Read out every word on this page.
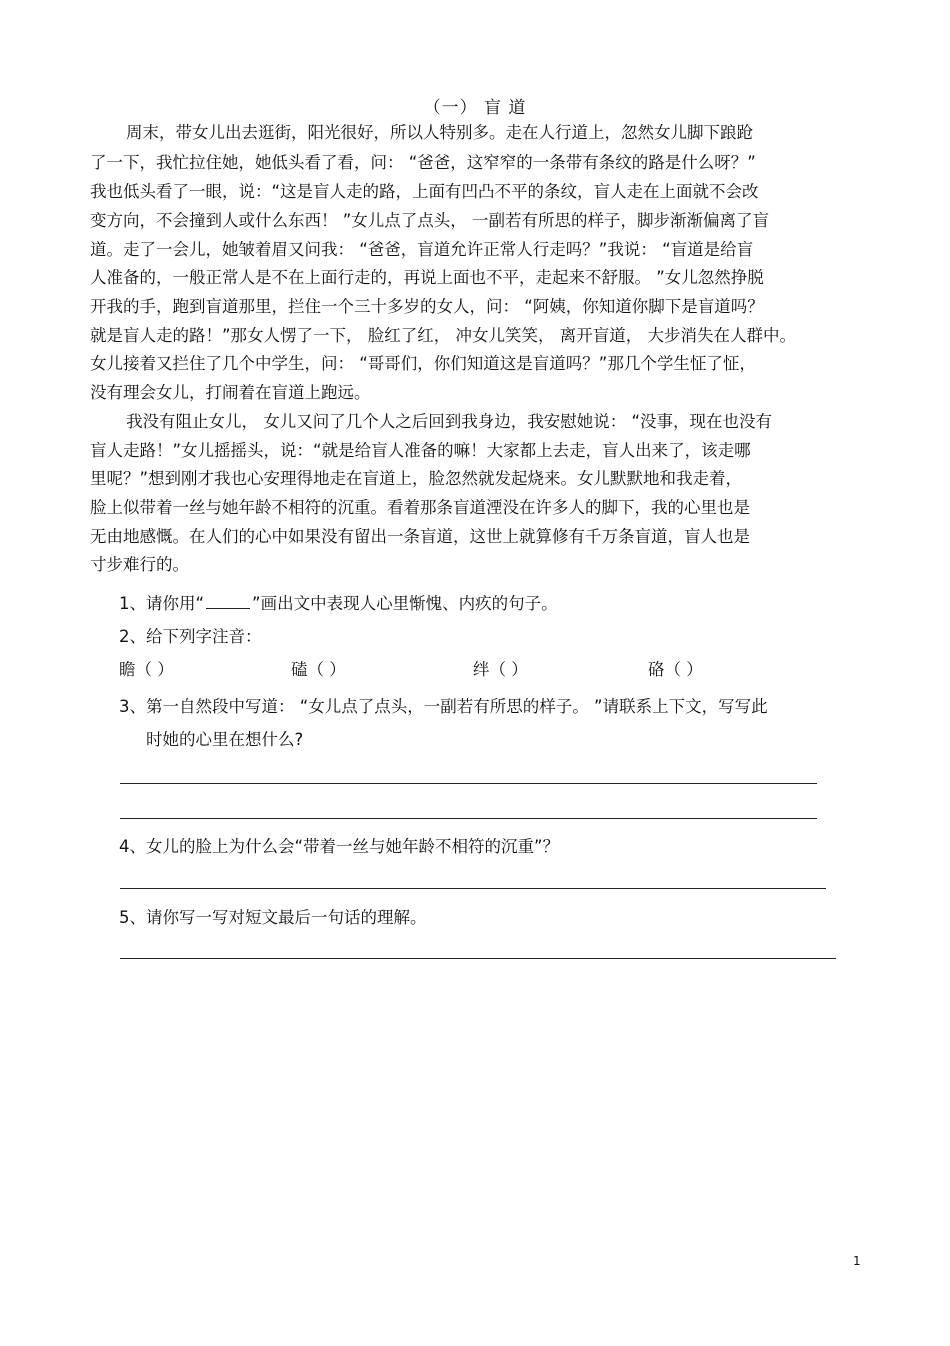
（一） 盲 道
周末，带女儿出去逛街，阳光很好，所以人特别多。走在人行道上，忽然女儿脚下踉跄
了一下，我忙拉住她，她低头看了看，问： “爸爸，这窄窄的一条带有条纹的路是什么呀？”
我也低头看了一眼，说：“这是盲人走的路，上面有凹凸不平的条纹，盲人走在上面就不会改
变方向，不会撞到人或什么东西！ ”女儿点了点头， 一副若有所思的样子，脚步渐渐偏离了盲
道。走了一会儿，她皱着眉又问我： “爸爸，盲道允许正常人行走吗？”我说： “盲道是给盲
人准备的，一般正常人是不在上面行走的，再说上面也不平，走起来不舒服。 ”女儿忽然挣脱
开我的手，跑到盲道那里，拦住一个三十多岁的女人，问： “阿姨，你知道你脚下是盲道吗？
就是盲人走的路！”那女人愣了一下， 脸红了红， 冲女儿笑笑， 离开盲道， 大步消失在人群中。
女儿接着又拦住了几个中学生，问： “哥哥们，你们知道这是盲道吗？”那几个学生怔了怔，
没有理会女儿，打闹着在盲道上跑远。
我没有阻止女儿， 女儿又问了几个人之后回到我身边，我安慰她说： “没事，现在也没有
盲人走路！”女儿摇摇头，说：“就是给盲人准备的嘛！大家都上去走，盲人出来了，该走哪
里呢？”想到刚才我也心安理得地走在盲道上，脸忽然就发起烧来。女儿默默地和我走着，
脸上似带着一丝与她年龄不相符的沉重。看着那条盲道湮没在许多人的脚下，我的心里也是
无由地感慨。在人们的心中如果没有留出一条盲道，这世上就算修有千万条盲道，盲人也是
寸步难行的。
1、请你用“	”画出文中表现人心里惭愧、内疚的句子。
2、给下列字注音：
瞻（ ）	磕（ ）	绊（ ）	硌（ ）
3、第一自然段中写道： “女儿点了点头，一副若有所思的样子。 ”请联系上下文，写写此
时她的心里在想什么?
4、女儿的脸上为什么会“带着一丝与她年龄不相符的沉重”？
5、请你写一写对短文最后一句话的理解。
1
